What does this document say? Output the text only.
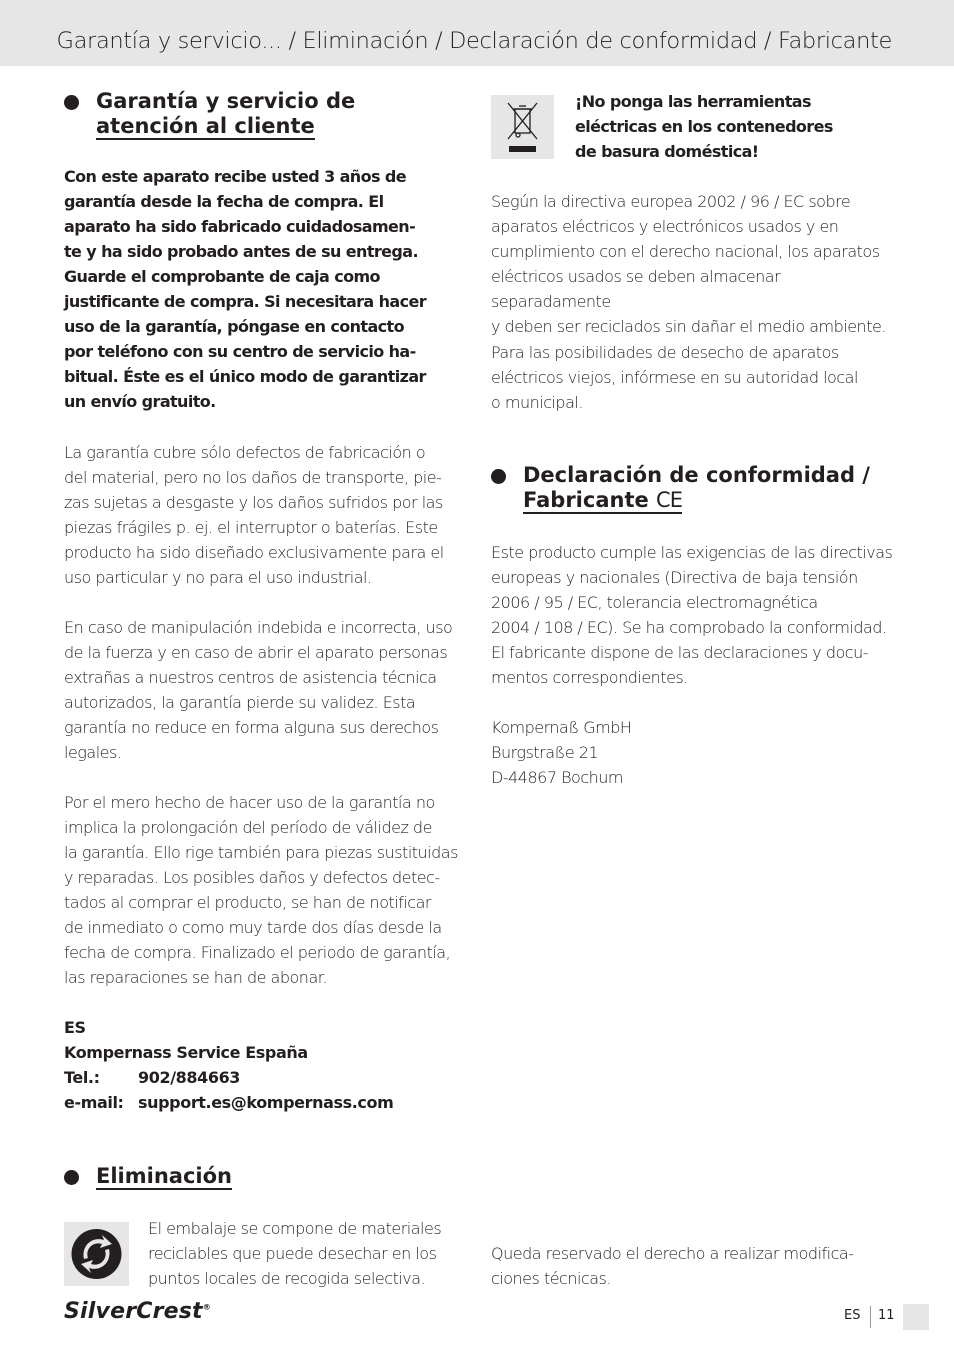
Garantía y servicio... / Eliminación / Declaración de conformidad / Fabricante
Garantía y servicio de
atención al cliente

Con este aparato recibe usted 3 años de
garantía desde la fecha de compra. El
aparato ha sido fabricado cuidadosamen-
te y ha sido probado antes de su entrega.
Guarde el comprobante de caja como
justificante de compra. Si necesitara hacer
uso de la garantía, póngase en contacto
por teléfono con su centro de servicio ha-
bitual. Éste es el único modo de garantizar
un envío gratuito.

La garantía cubre sólo defectos de fabricación o
del material, pero no los daños de transporte, pie-
zas sujetas a desgaste y los daños sufridos por las
piezas frágiles p. ej. el interruptor o baterías. Este
producto ha sido diseñado exclusivamente para el
uso particular y no para el uso industrial.

En caso de manipulación indebida e incorrecta, uso
de la fuerza y en caso de abrir el aparato personas
extrañas a nuestros centros de asistencia técnica
autorizados, la garantía pierde su validez. Esta
garantía no reduce en forma alguna sus derechos
legales.

Por el mero hecho de hacer uso de la garantía no
implica la prolongación del período de válidez de
la garantía. Ello rige también para piezas sustituidas
y reparadas. Los posibles daños y defectos detec-
tados al comprar el producto, se han de notificar
de inmediato o como muy tarde dos días desde la
fecha de compra. Finalizado el periodo de garantía,
las reparaciones se han de abonar.

ES
Kompernass Service España
Tel.:	902/884663
e-mail: support.es@kompernass.com
Eliminación

El embalaje se compone de materiales
reciclables que puede desechar en los
puntos locales de recogida selectiva.

¡No ponga las herramientas
eléctricas en los contenedores
de basura doméstica!

Según la directiva europea 2002 / 96 / EC sobre
aparatos eléctricos y electrónicos usados y en
cumplimiento con el derecho nacional, los aparatos
eléctricos usados se deben almacenar separadamente
y deben ser reciclados sin dañar el medio ambiente.

Para las posibilidades de desecho de aparatos
eléctricos viejos, infórmese en su autoridad local
o municipal.

Declaración de conformidad /
Fabricante CE

Este producto cumple las exigencias de las directivas
europeas y nacionales (Directiva de baja tensión
2006 / 95 / EC, tolerancia electromagnética
2004 / 108 / EC). Se ha comprobado la conformidad.
El fabricante dispone de las declaraciones y docu-
mentos correspondientes.

Kompernaß GmbH
Burgstraße 21
D-44867 Bochum

Queda reservado el derecho a realizar modifica-
ciones técnicas.

SilverCrest®
ES 11
